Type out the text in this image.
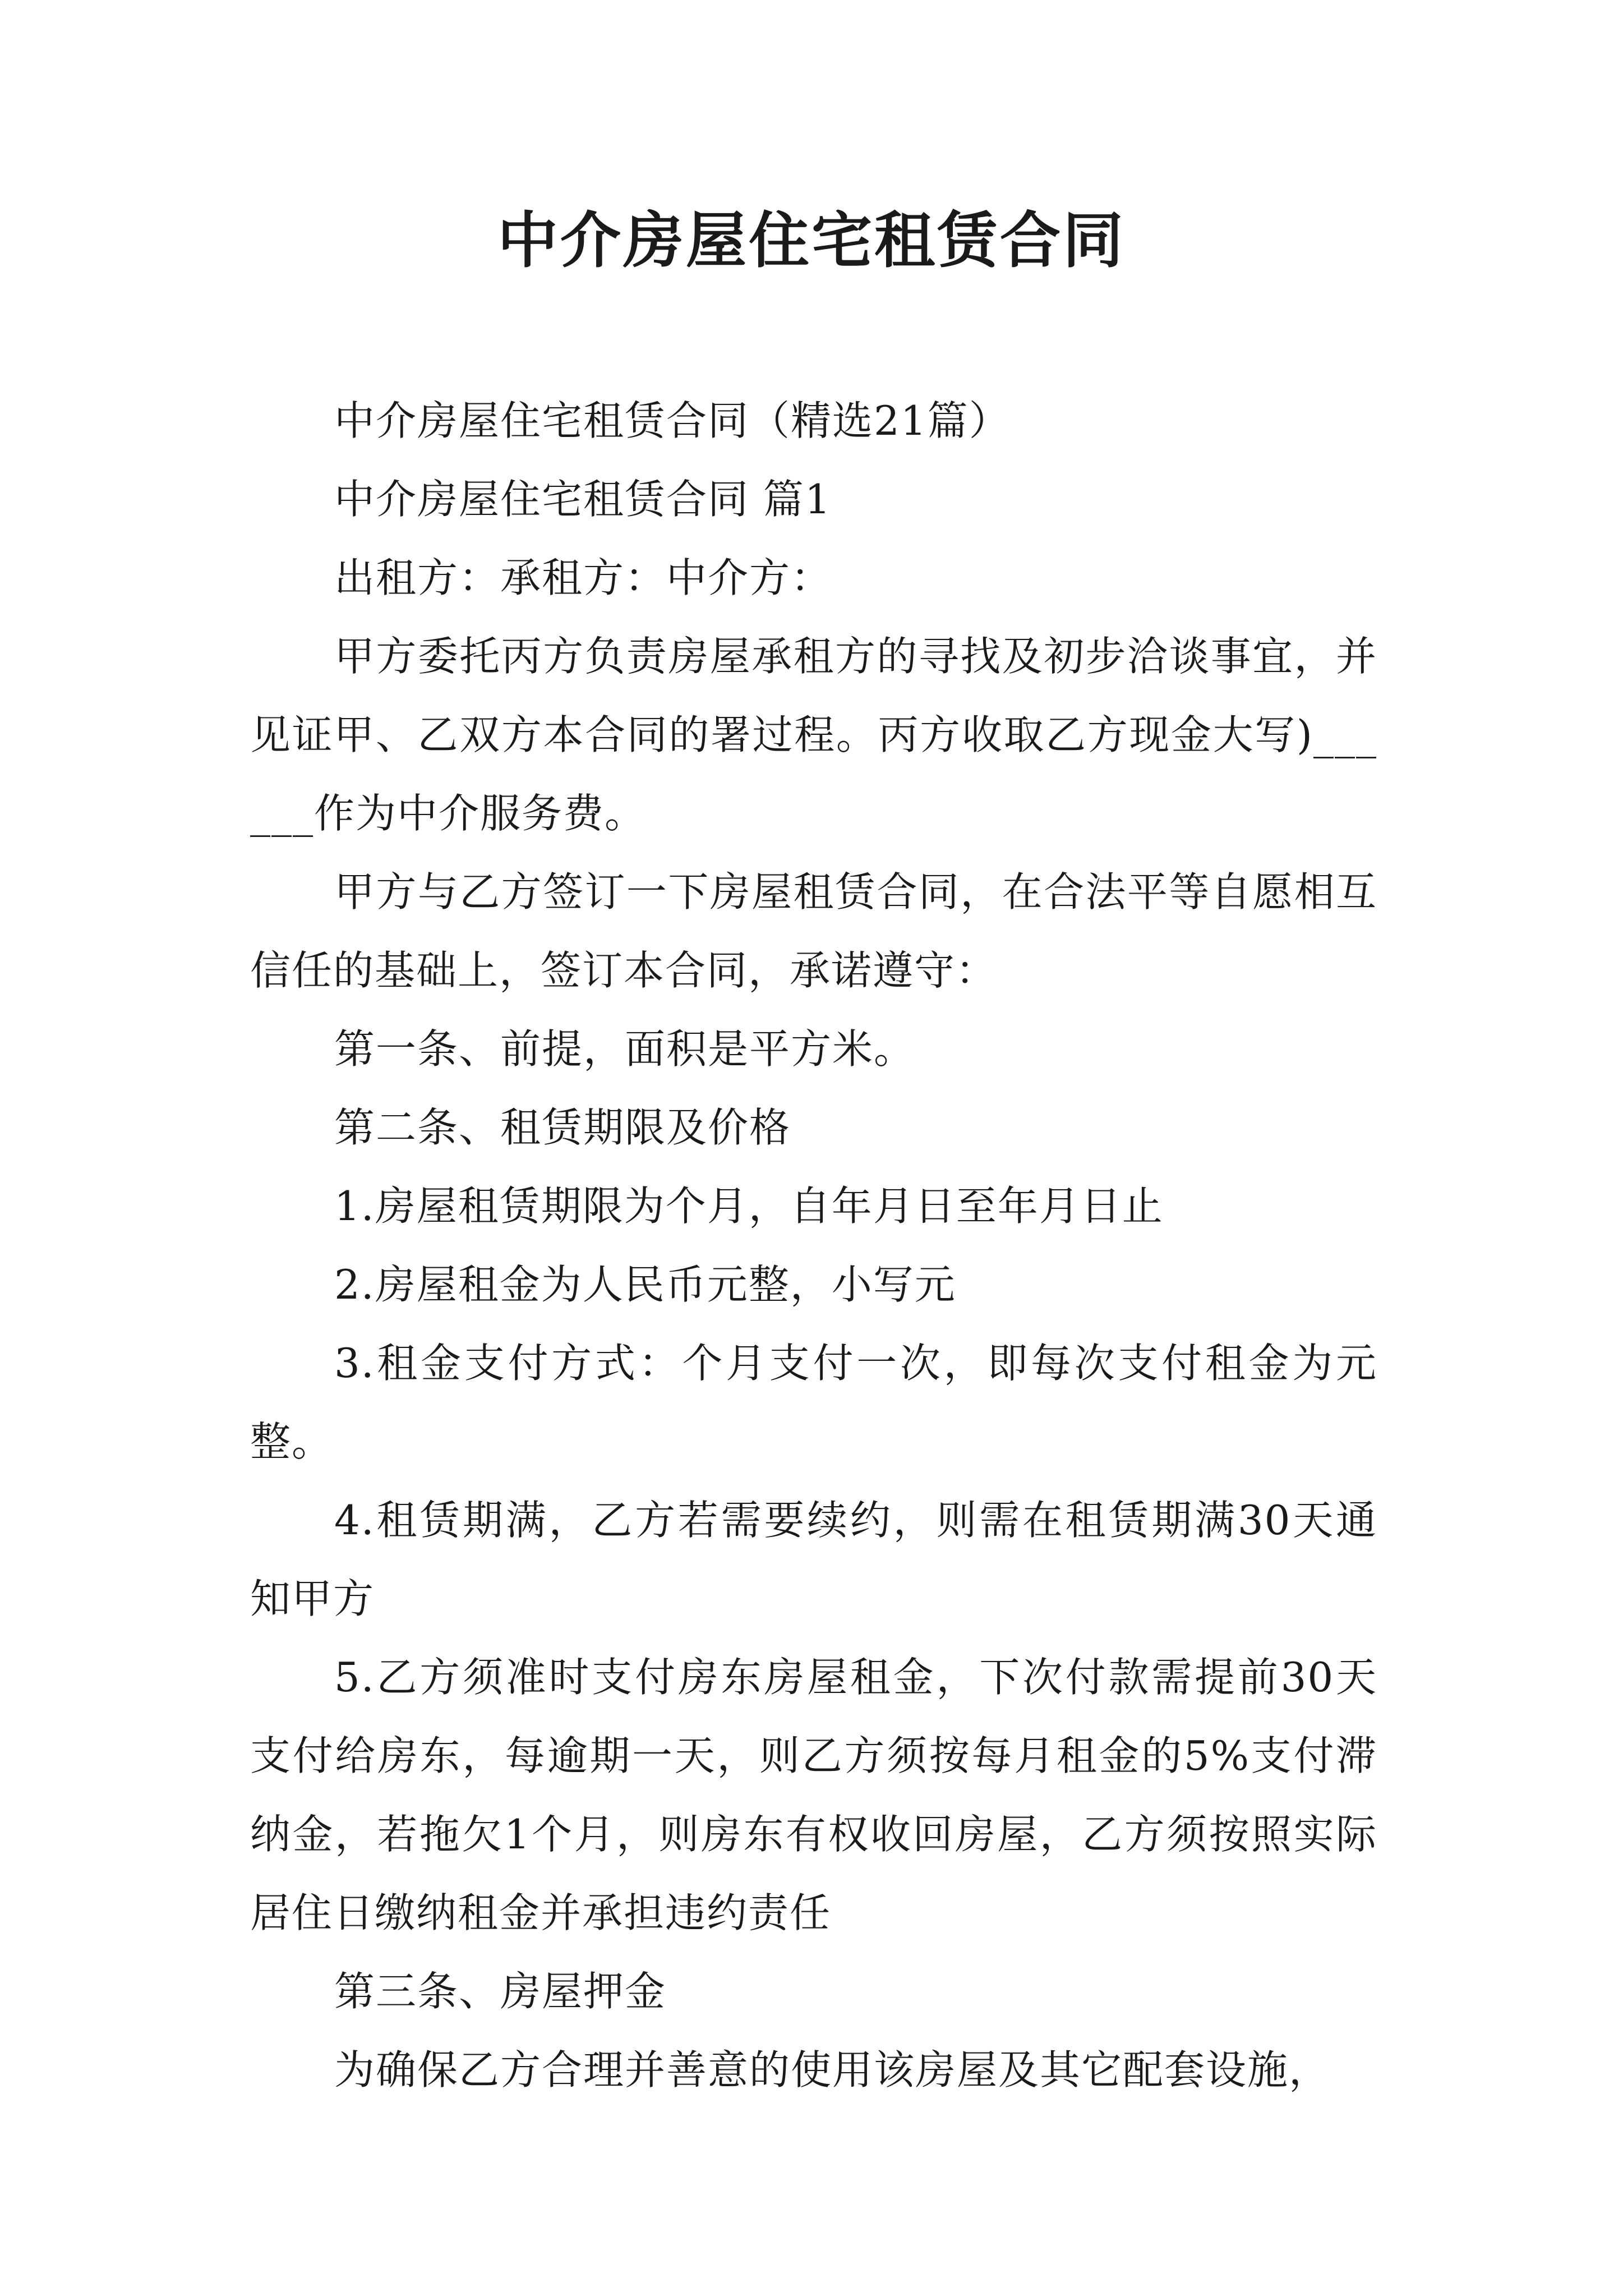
中介房屋住宅租赁合同

中介房屋住宅租赁合同（精选21篇）

中介房屋住宅租赁合同 篇1

出租方：承租方：中介方：

甲方委托丙方负责房屋承租方的寻找及初步洽谈事宜，并见证甲、乙双方本合同的署过程。丙方收取乙方现金大写)______作为中介服务费。

甲方与乙方签订一下房屋租赁合同，在合法平等自愿相互信任的基础上，签订本合同，承诺遵守：

第一条、前提，面积是平方米。

第二条、租赁期限及价格

1.房屋租赁期限为个月，自年月日至年月日止

2.房屋租金为人民币元整，小写元

3.租金支付方式：个月支付一次，即每次支付租金为元整。

4.租赁期满，乙方若需要续约，则需在租赁期满30天通知甲方

5.乙方须准时支付房东房屋租金，下次付款需提前30天支付给房东，每逾期一天，则乙方须按每月租金的5%支付滞纳金，若拖欠1个月，则房东有权收回房屋，乙方须按照实际居住日缴纳租金并承担违约责任

第三条、房屋押金

为确保乙方合理并善意的使用该房屋及其它配套设施，
